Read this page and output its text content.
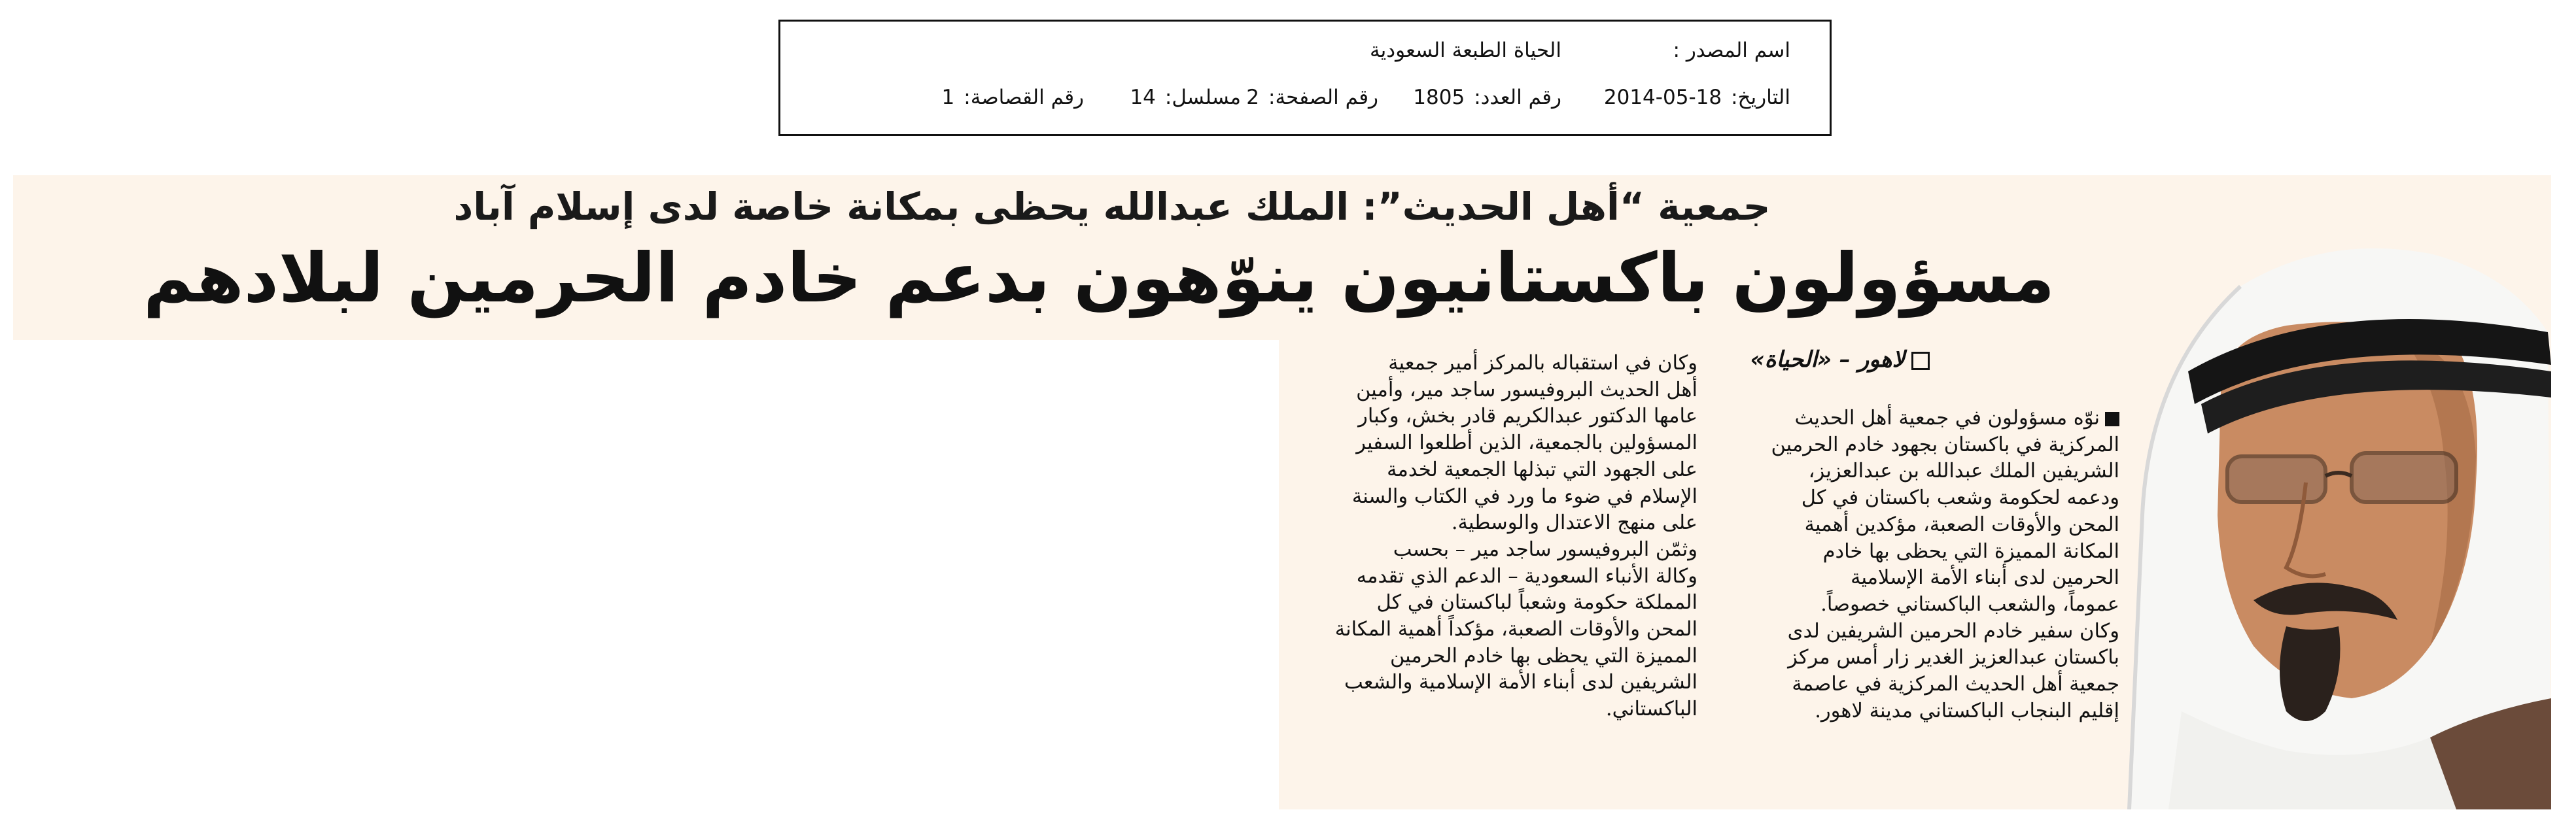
اسم المصدر :
الحياة الطبعة السعودية
التاريخ:18-05-2014
رقم العدد:1805
رقم الصفحة:2
مسلسل:14
رقم القصاصة:1
جمعية “أهل الحديث”: الملك عبدالله يحظى بمكانة خاصة لدى إسلام آباد
مسؤولون باكستانيون ينوّهون بدعم خادم الحرمين لبلادهم
لاهور – «الحياة»
نوّه مسؤولون في جمعية أهل الحديث
المركزية في باكستان بجهود خادم الحرمين
الشريفين الملك عبدالله بن عبدالعزيز،
ودعمه لحكومة وشعب باكستان في كل
المحن والأوقات الصعبة، مؤكدين أهمية
المكانة المميزة التي يحظى بها خادم
الحرمين لدى أبناء الأمة الإسلامية
عموماً، والشعب الباكستاني خصوصاً.
وكان سفير خادم الحرمين الشريفين لدى
باكستان عبدالعزيز الغدير زار أمس مركز
جمعية أهل الحديث المركزية في عاصمة
إقليم البنجاب الباكستاني مدينة لاهور.
وكان في استقباله بالمركز أمير جمعية
أهل الحديث البروفيسور ساجد مير، وأمين
عامها الدكتور عبدالكريم قادر بخش، وكبار
المسؤولين بالجمعية، الذين أطلعوا السفير
على الجهود التي تبذلها الجمعية لخدمة
الإسلام في ضوء ما ورد في الكتاب والسنة
على منهج الاعتدال والوسطية.
وثمّن البروفيسور ساجد مير – بحسب
وكالة الأنباء السعودية – الدعم الذي تقدمه
المملكة حكومة وشعباً لباكستان في كل
المحن والأوقات الصعبة، مؤكداً أهمية المكانة
المميزة التي يحظى بها خادم الحرمين
الشريفين لدى أبناء الأمة الإسلامية والشعب
الباكستاني.
